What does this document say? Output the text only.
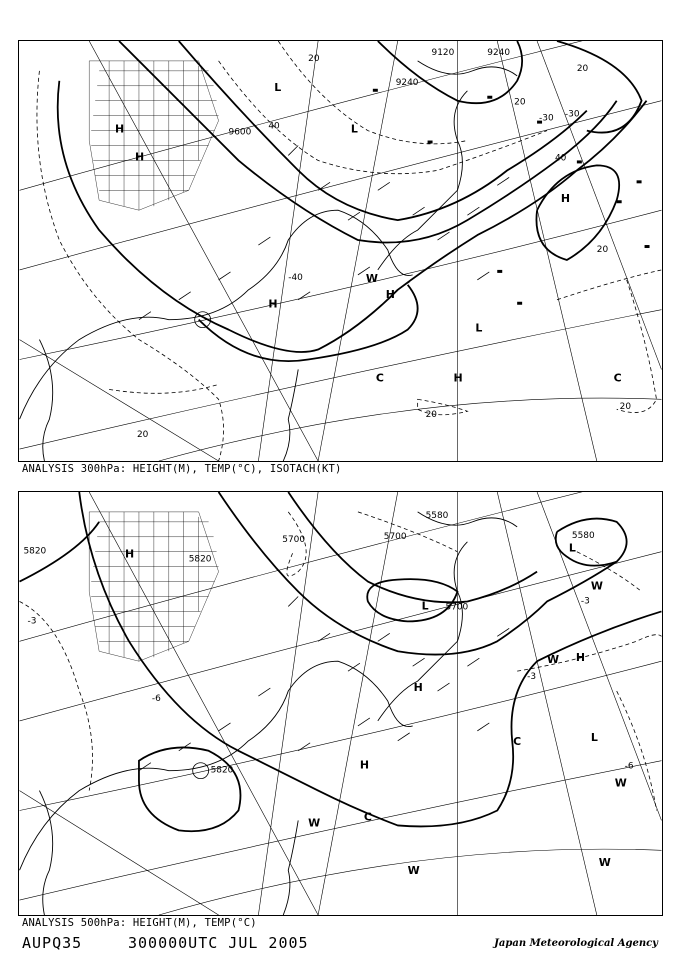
9600
9240
9120	9240
20
40
40
20
20
20
20
20
20
-30 -30
-40
H
H
H
H
H
L
L
L
C	C
H
W
ANALYSIS 300hPa: HEIGHT(M), TEMP(°C), ISOTACH(KT)
5820
5700	5700
5700
5580
5580
5820
5820
-3
-3
-3
-6
-6
H
H
H
H
L
L
L
W
W
W
W
W
W
C
C
ANALYSIS 500hPa: HEIGHT(M), TEMP(°C)
AUPQ35	300000UTC JUL 2005	Japan Meteorological Agency
